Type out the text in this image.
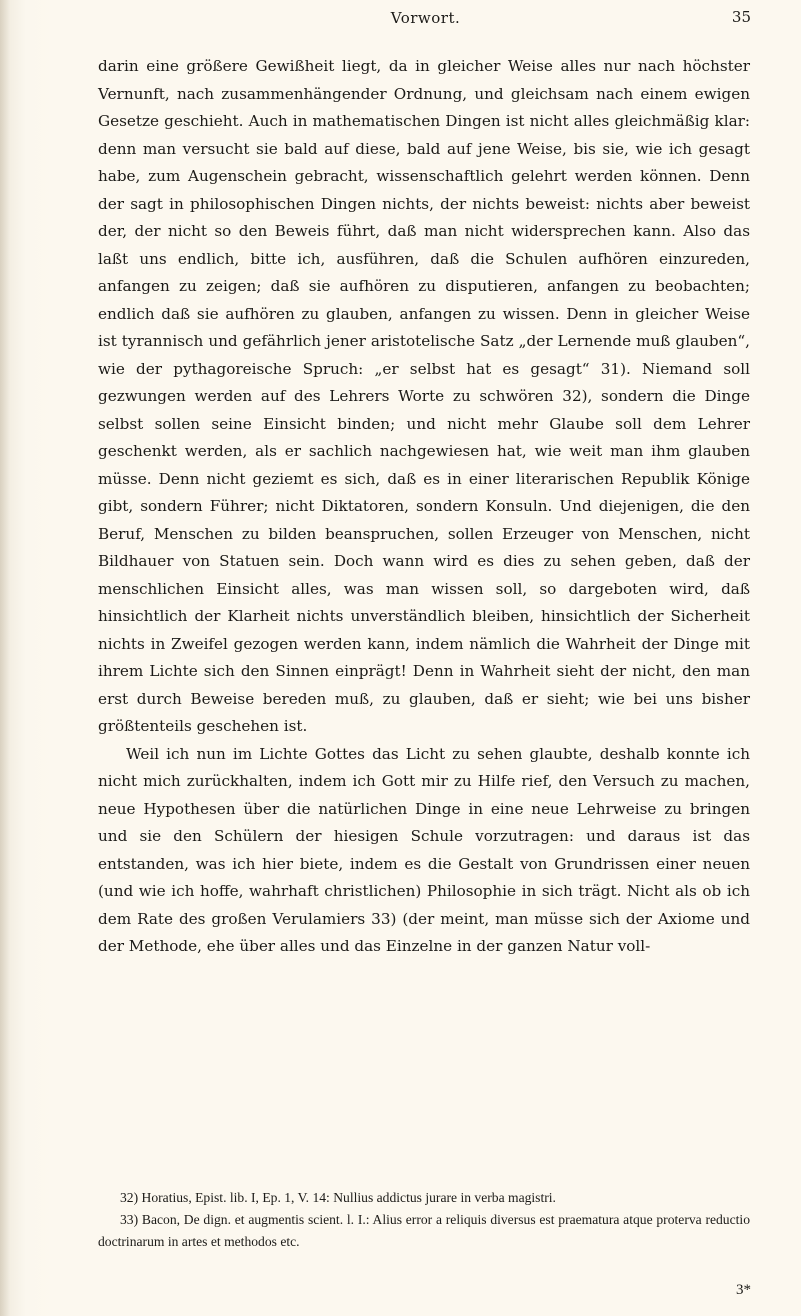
Vorwort.	35

darin eine größere Gewißheit liegt, da in gleicher Weise alles nur nach höchster Vernunft, nach zusammenhängender Ordnung, und gleichsam nach einem ewigen Gesetze geschieht. Auch in mathematischen Dingen ist nicht alles gleichmäßig klar: denn man versucht sie bald auf diese, bald auf jene Weise, bis sie, wie ich gesagt habe, zum Augenschein gebracht, wissenschaftlich gelehrt werden können. Denn der sagt in philosophischen Dingen nichts, der nichts beweist: nichts aber beweist der, der nicht so den Beweis führt, daß man nicht widersprechen kann. Also das laßt uns endlich, bitte ich, ausführen, daß die Schulen aufhören einzureden, anfangen zu zeigen; daß sie aufhören zu disputieren, anfangen zu beobachten; endlich daß sie aufhören zu glauben, anfangen zu wissen. Denn in gleicher Weise ist tyrannisch und gefährlich jener aristotelische Satz „der Lernende muß glauben“, wie der pythagoreische Spruch: „er selbst hat es gesagt“ 31). Niemand soll gezwungen werden auf des Lehrers Worte zu schwören 32), sondern die Dinge selbst sollen seine Einsicht binden; und nicht mehr Glaube soll dem Lehrer geschenkt werden, als er sachlich nachgewiesen hat, wie weit man ihm glauben müsse. Denn nicht geziemt es sich, daß es in einer literarischen Republik Könige gibt, sondern Führer; nicht Diktatoren, sondern Konsuln. Und diejenigen, die den Beruf, Menschen zu bilden beanspruchen, sollen Erzeuger von Menschen, nicht Bildhauer von Statuen sein. Doch wann wird es dies zu sehen geben, daß der menschlichen Einsicht alles, was man wissen soll, so dargeboten wird, daß hinsichtlich der Klarheit nichts unverständlich bleiben, hinsichtlich der Sicherheit nichts in Zweifel gezogen werden kann, indem nämlich die Wahrheit der Dinge mit ihrem Lichte sich den Sinnen einprägt! Denn in Wahrheit sieht der nicht, den man erst durch Beweise bereden muß, zu glauben, daß er sieht; wie bei uns bisher größtenteils geschehen ist.

Weil ich nun im Lichte Gottes das Licht zu sehen glaubte, deshalb konnte ich nicht mich zurückhalten, indem ich Gott mir zu Hilfe rief, den Versuch zu machen, neue Hypothesen über die natürlichen Dinge in eine neue Lehrweise zu bringen und sie den Schülern der hiesigen Schule vorzutragen: und daraus ist das entstanden, was ich hier biete, indem es die Gestalt von Grundrissen einer neuen (und wie ich hoffe, wahrhaft christlichen) Philosophie in sich trägt. Nicht als ob ich dem Rate des großen Verulamiers 33) (der meint, man müsse sich der Axiome und der Methode, ehe über alles und das Einzelne in der ganzen Natur voll-

32) Horatius, Epist. lib. I, Ep. 1, V. 14: Nullius addictus jurare in verba magistri.

33) Bacon, De dign. et augmentis scient. l. I.: Alius error a reliquis diversus est praematura atque proterva reductio doctrinarum in artes et methodos etc.

3*
